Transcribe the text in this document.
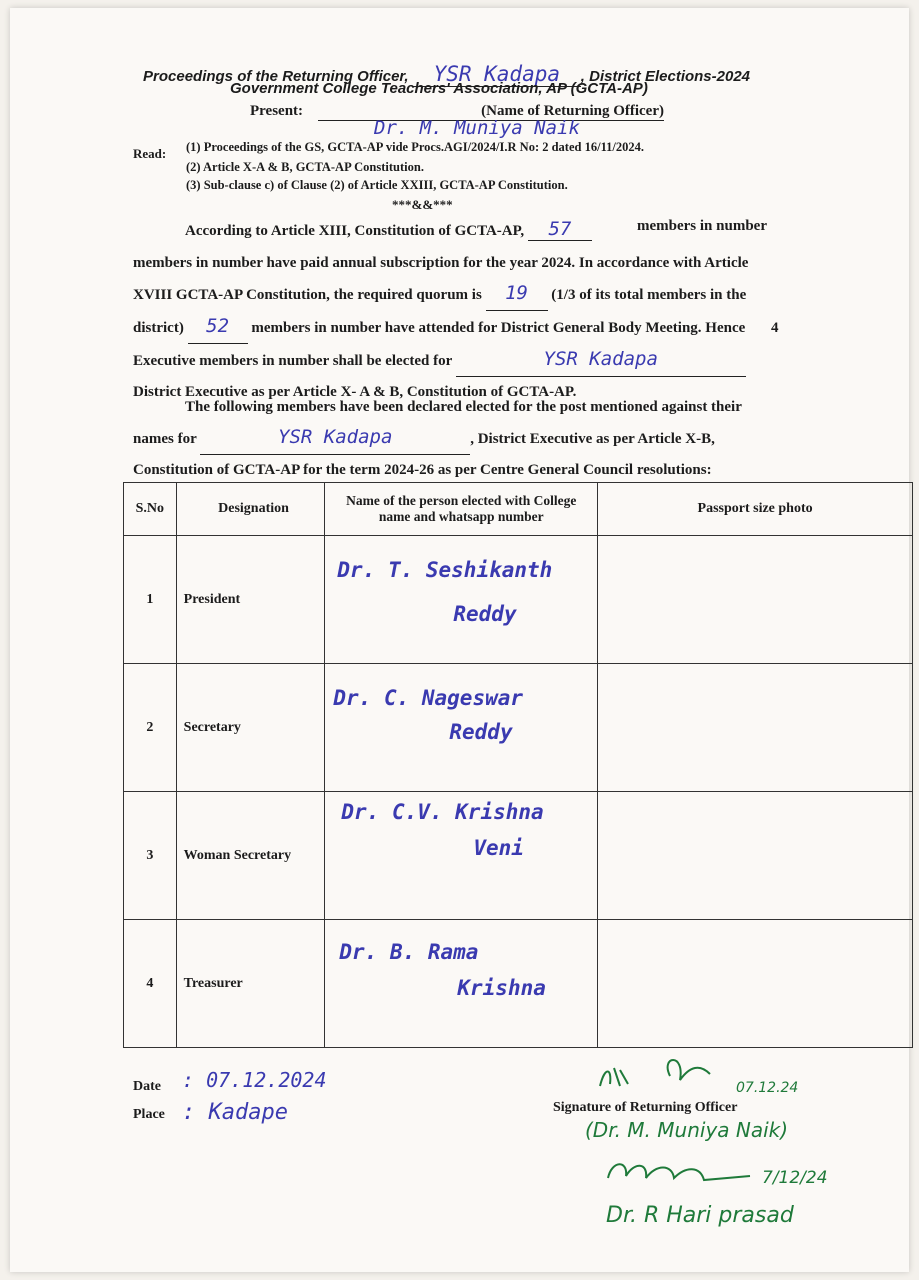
Proceedings of the Returning Officer, YSR Kadapa , District Elections-2024
Government College Teachers' Association, AP (GCTA-AP)
Present:	(Name of Returning Officer)
Dr. M. Muniya Naik
Read: (1) Proceedings of the GS, GCTA-AP vide Procs.AGI/2024/I.R No: 2 dated 16/11/2024.
(2) Article X-A & B, GCTA-AP Constitution.
(3) Sub-clause c) of Clause (2) of Article XXIII, GCTA-AP Constitution.
***&&***
According to Article XIII, Constitution of GCTA-AP, 57	members in number
members in number have paid annual subscription for the year 2024. In accordance with Article XVIII GCTA-AP Constitution, the required quorum is 19 (1/3 of its total members in the district) 52 members in number have attended for District General Body Meeting. Hence 4 Executive members in number shall be elected for	YSR Kadapa District Executive as per Article X- A & B, Constitution of GCTA-AP.
The following members have been declared elected for the post mentioned against their names for	YSR Kadapa	, District Executive as per Article X-B, Constitution of GCTA-AP for the term 2024-26 as per Centre General Council resolutions:
S.No	Designation	Name of the person elected with College name and whatsapp number	Passport size photo
1	President	Dr. T. Seshikanth
Reddy	

2	Secretary	Dr. C. Nageswar
Reddy	

3	Woman Secretary	Dr. C.V. Krishna
Veni	

4	Treasurer	Dr. B. Rama
Krishna	

Date : 07.12.2024
Place : Kadape
07.12.24
Signature of Returning Officer
(Dr. M. Muniya Naik)
7/12/24
Dr. R Hari prasad
